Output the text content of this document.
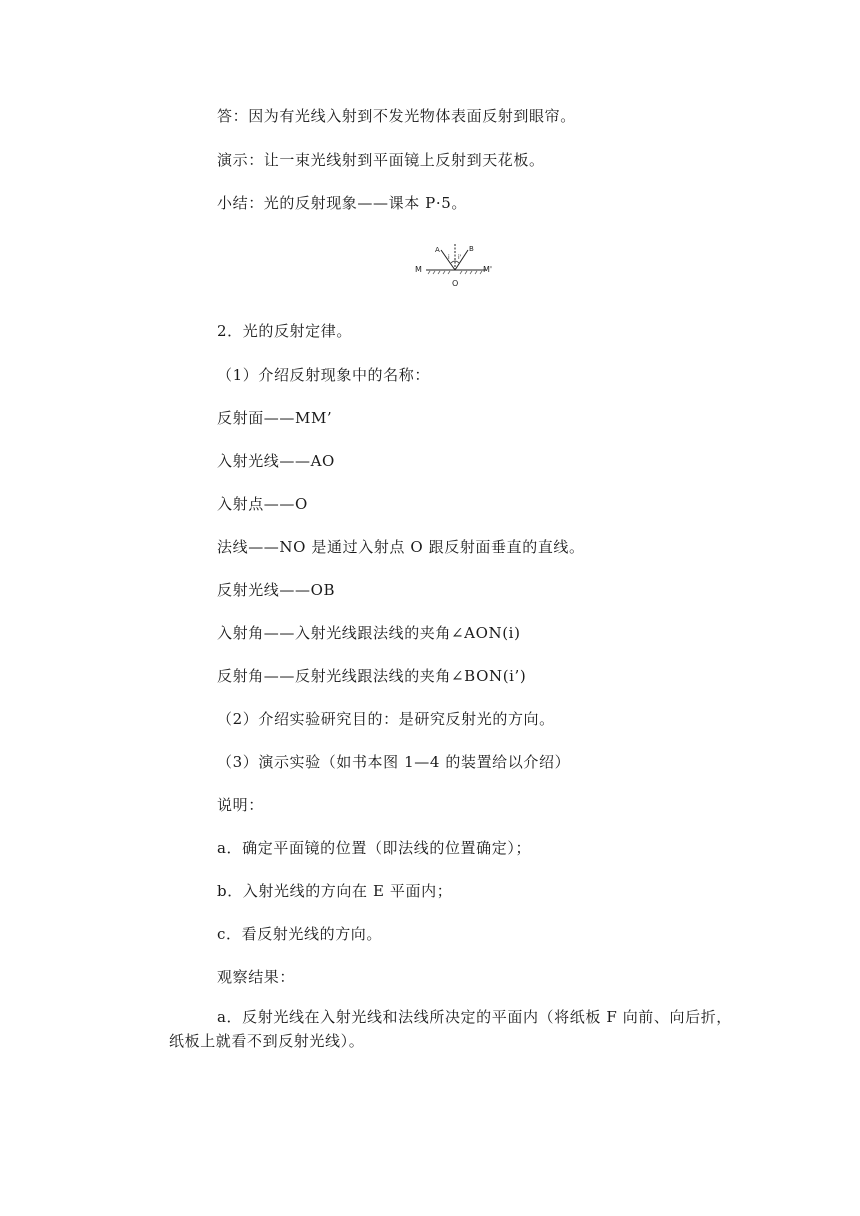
答：因为有光线入射到不发光物体表面反射到眼帘。
演示：让一束光线射到平面镜上反射到天花板。
小结：光的反射现象——课本 P·5。
A	B
i i'
M	M'
O
2．光的反射定律。
（1）介绍反射现象中的名称：
反射面——MM’
入射光线——AO
入射点——O
法线——NO 是通过入射点 O 跟反射面垂直的直线。
反射光线——OB
入射角——入射光线跟法线的夹角∠AON(i)
反射角——反射光线跟法线的夹角∠BON(i’)
（2）介绍实验研究目的：是研究反射光的方向。
（3）演示实验（如书本图 1—4 的装置给以介绍）
说明：
a．确定平面镜的位置（即法线的位置确定）；
b．入射光线的方向在 E 平面内；
c．看反射光线的方向。
观察结果：
a．反射光线在入射光线和法线所决定的平面内（将纸板 F 向前、向后折，纸板上就看不到反射光线）。
